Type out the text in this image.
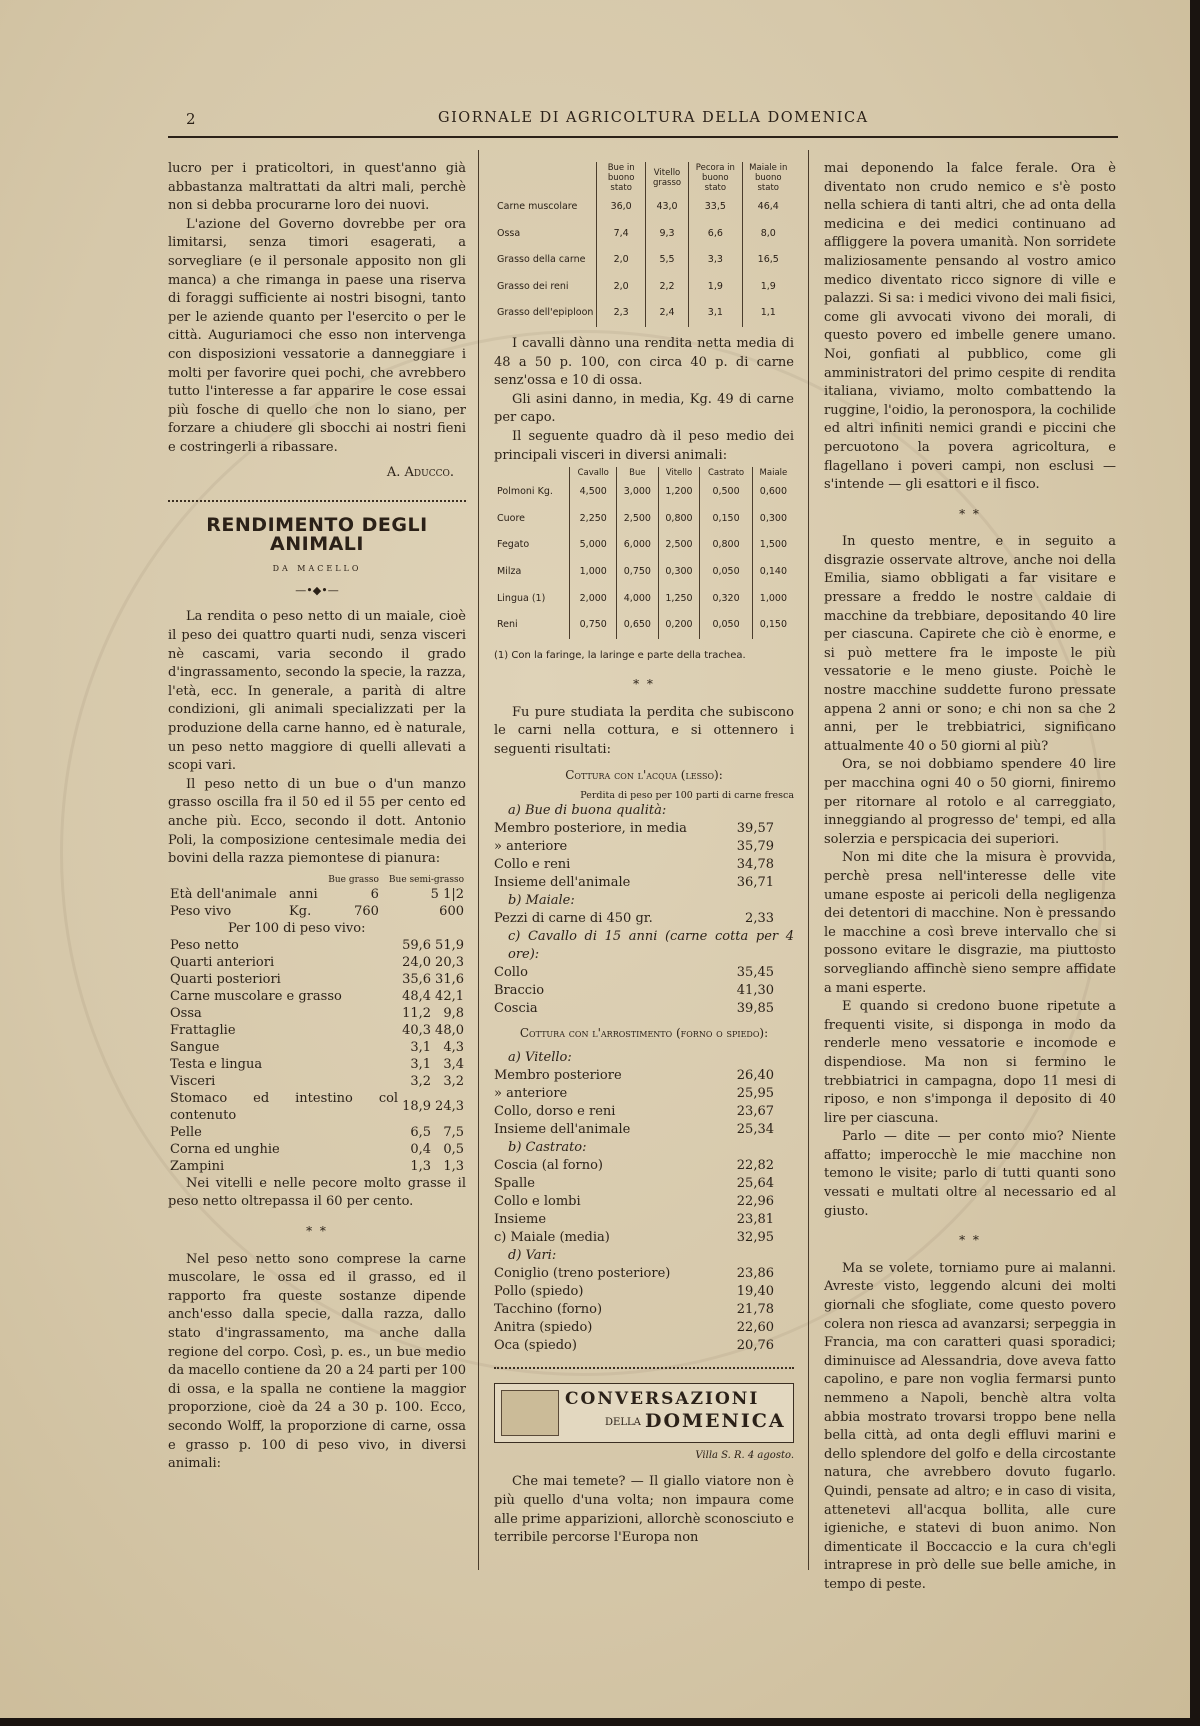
2	GIORNALE DI AGRICOLTURA DELLA DOMENICA

lucro per i praticoltori, in quest'anno già abbastanza maltrattati da altri mali, perchè non si debba procurarne loro dei nuovi.

L'azione del Governo dovrebbe per ora limitarsi, senza timori esagerati, a sorvegliare (e il personale apposito non gli manca) a che rimanga in paese una riserva di foraggi sufficiente ai nostri bisogni, tanto per le aziende quanto per l'esercito o per le città. Auguriamoci che esso non intervenga con disposizioni vessatorie a danneggiare i molti per favorire quei pochi, che avrebbero tutto l'interesse a far apparire le cose essai più fosche di quello che non lo siano, per forzare a chiudere gli sbocchi ai nostri fieni e costringerli a ribassare.

A. Aducco.
RENDIMENTO DEGLI ANIMALI
da macello
—•◆•—

La rendita o peso netto di un maiale, cioè il peso dei quattro quarti nudi, senza visceri nè cascami, varia secondo il grado d'ingrassamento, secondo la specie, la razza, l'età, ecc. In generale, a parità di altre condizioni, gli animali specializzati per la produzione della carne hanno, ed è naturale, un peso netto maggiore di quelli allevati a scopi vari.

Il peso netto di un bue o d'un manzo grasso oscilla fra il 50 ed il 55 per cento ed anche più. Ecco, secondo il dott. Antonio Poli, la composizione centesimale media dei bovini della razza piemontese di pianura:

		Bue grasso	Bue semi-grasso
Età dell'animale	anni	6	5 1|2
Peso vivo	Kg.	760	600
Per 100 di peso vivo:			
Peso netto	59,6	51,9
Quarti anteriori	24,0	20,3
Quarti posteriori	35,6	31,6
Carne muscolare e grasso	48,4	42,1
Ossa	11,2	9,8
Frattaglie	40,3	48,0
Sangue	3,1	4,3
Testa e lingua	3,1	3,4
Visceri	3,2	3,2
Stomaco ed intestino col contenuto	18,9	24,3
Pelle	6,5	7,5
Corna ed unghie	0,4	0,5
Zampini	1,3	1,3

Nei vitelli e nelle pecore molto grasse il peso netto oltrepassa il 60 per cento.

* *

Nel peso netto sono comprese la carne muscolare, le ossa ed il grasso, ed il rapporto fra queste sostanze dipende anch'esso dalla specie, dalla razza, dallo stato d'ingrassamento, ma anche dalla regione del corpo. Così, p. es., un bue medio da macello contiene da 20 a 24 parti per 100 di ossa, e la spalla ne contiene la maggior proporzione, cioè da 24 a 30 p. 100. Ecco, secondo Wolff, la proporzione di carne, ossa e grasso p. 100 di peso vivo, in diversi animali:

	Bue in buono stato	Vitello grasso	Pecora in buono stato	Maiale in buono stato
Carne muscolare	36,0	43,0	33,5	46,4
Ossa	7,4	9,3	6,6	8,0
Grasso della carne	2,0	5,5	3,3	16,5
Grasso dei reni	2,0	2,2	1,9	1,9
Grasso dell'epiploon	2,3	2,4	3,1	1,1

I cavalli dànno una rendita netta media di 48 a 50 p. 100, con circa 40 p. di carne senz'ossa e 10 di ossa.

Gli asini danno, in media, Kg. 49 di carne per capo.

Il seguente quadro dà il peso medio dei principali visceri in diversi animali:

	Cavallo	Bue	Vitello	Castrato	Maiale
Polmoni Kg.	4,500	3,000	1,200	0,500	0,600
Cuore	2,250	2,500	0,800	0,150	0,300
Fegato	5,000	6,000	2,500	0,800	1,500
Milza	1,000	0,750	0,300	0,050	0,140
Lingua (1)	2,000	4,000	1,250	0,320	1,000
Reni	0,750	0,650	0,200	0,050	0,150
(1) Con la faringe, la laringe e parte della trachea.
* *

Fu pure studiata la perdita che subiscono le carni nella cottura, e si ottennero i seguenti risultati:

Cottura con l'acqua (lesso):
Perdita di peso per 100 parti di carne fresca
a) Bue di buona qualità:	
Membro posteriore, in media	39,57
» anteriore	35,79
Collo e reni	34,78
Insieme dell'animale	36,71
b) Maiale:	
Pezzi di carne di 450 gr.	2,33
c) Cavallo di 15 anni (carne cotta per 4 ore):	
Collo	35,45
Braccio	41,30
Coscia	39,85
Cottura con l'arrostimento (forno o spiedo):
a) Vitello:	
Membro posteriore	26,40
» anteriore	25,95
Collo, dorso e reni	23,67
Insieme dell'animale	25,34
b) Castrato:	
Coscia (al forno)	22,82
Spalle	25,64
Collo e lombi	22,96
Insieme	23,81
c) Maiale (media)	32,95
d) Vari:	
Coniglio (treno posteriore)	23,86
Pollo (spiedo)	19,40
Tacchino (forno)	21,78
Anitra (spiedo)	22,60
Oca (spiedo)	20,76
CONVERSAZIONI
DELLA DOMENICA
Villa S. R. 4 agosto.

Che mai temete? — Il giallo viatore non è più quello d'una volta; non impaura come alle prime apparizioni, allorchè sconosciuto e terribile percorse l'Europa non

mai deponendo la falce ferale. Ora è diventato non crudo nemico e s'è posto nella schiera di tanti altri, che ad onta della medicina e dei medici continuano ad affliggere la povera umanità. Non sorridete maliziosamente pensando al vostro amico medico diventato ricco signore di ville e palazzi. Si sa: i medici vivono dei mali fisici, come gli avvocati vivono dei morali, di questo povero ed imbelle genere umano. Noi, gonfiati al pubblico, come gli amministratori del primo cespite di rendita italiana, viviamo, molto combattendo la ruggine, l'oidio, la peronospora, la cochilide ed altri infiniti nemici grandi e piccini che percuotono la povera agricoltura, e flagellano i poveri campi, non esclusi — s'intende — gli esattori e il fisco.

* *

In questo mentre, e in seguito a disgrazie osservate altrove, anche noi della Emilia, siamo obbligati a far visitare e pressare a freddo le nostre caldaie di macchine da trebbiare, depositando 40 lire per ciascuna. Capirete che ciò è enorme, e si può mettere fra le imposte le più vessatorie e le meno giuste. Poichè le nostre macchine suddette furono pressate appena 2 anni or sono; e chi non sa che 2 anni, per le trebbiatrici, significano attualmente 40 o 50 giorni al più?

Ora, se noi dobbiamo spendere 40 lire per macchina ogni 40 o 50 giorni, finiremo per ritornare al rotolo e al carreggiato, inneggiando al progresso de' tempi, ed alla solerzia e perspicacia dei superiori.

Non mi dite che la misura è provvida, perchè presa nell'interesse delle vite umane esposte ai pericoli della negligenza dei detentori di macchine. Non è pressando le macchine a così breve intervallo che si possono evitare le disgrazie, ma piuttosto sorvegliando affinchè sieno sempre affidate a mani esperte.

E quando si credono buone ripetute a frequenti visite, si disponga in modo da renderle meno vessatorie e incomode e dispendiose. Ma non si fermino le trebbiatrici in campagna, dopo 11 mesi di riposo, e non s'imponga il deposito di 40 lire per ciascuna.

Parlo — dite — per conto mio? Niente affatto; imperocchè le mie macchine non temono le visite; parlo di tutti quanti sono vessati e multati oltre al necessario ed al giusto.

* *

Ma se volete, torniamo pure ai malanni. Avreste visto, leggendo alcuni dei molti giornali che sfogliate, come questo povero colera non riesca ad avanzarsi; serpeggia in Francia, ma con caratteri quasi sporadici; diminuisce ad Alessandria, dove aveva fatto capolino, e pare non voglia fermarsi punto nemmeno a Napoli, benchè altra volta abbia mostrato trovarsi troppo bene nella bella città, ad onta degli effluvi marini e dello splendore del golfo e della circostante natura, che avrebbero dovuto fugarlo. Quindi, pensate ad altro; e in caso di visita, attenetevi all'acqua bollita, alle cure igieniche, e statevi di buon animo. Non dimenticate il Boccaccio e la cura ch'egli intraprese in prò delle sue belle amiche, in tempo di peste.
